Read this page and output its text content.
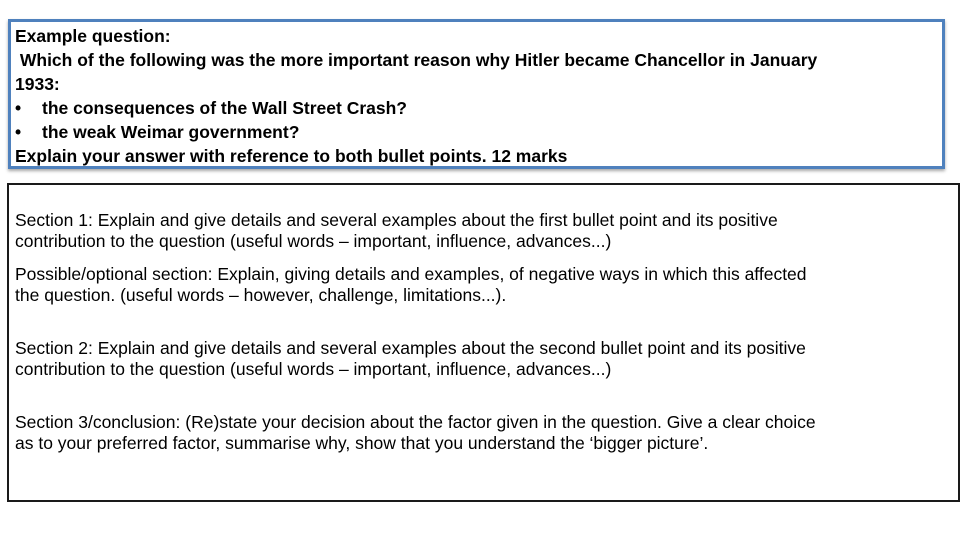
Example question:
Which of the following was the more important reason why Hitler became Chancellor in January
1933:
• the consequences of the Wall Street Crash?
• the weak Weimar government?
Explain your answer with reference to both bullet points. 12 marks
Section 1: Explain and give details and several examples about the first bullet point and its positive
contribution to the question (useful words – important, influence, advances...)
Possible/optional section: Explain, giving details and examples, of negative ways in which this affected
the question. (useful words – however, challenge, limitations...).
Section 2: Explain and give details and several examples about the second bullet point and its positive
contribution to the question (useful words – important, influence, advances...)
Section 3/conclusion: (Re)state your decision about the factor given in the question. Give a clear choice
as to your preferred factor, summarise why, show that you understand the ‘bigger picture’.
